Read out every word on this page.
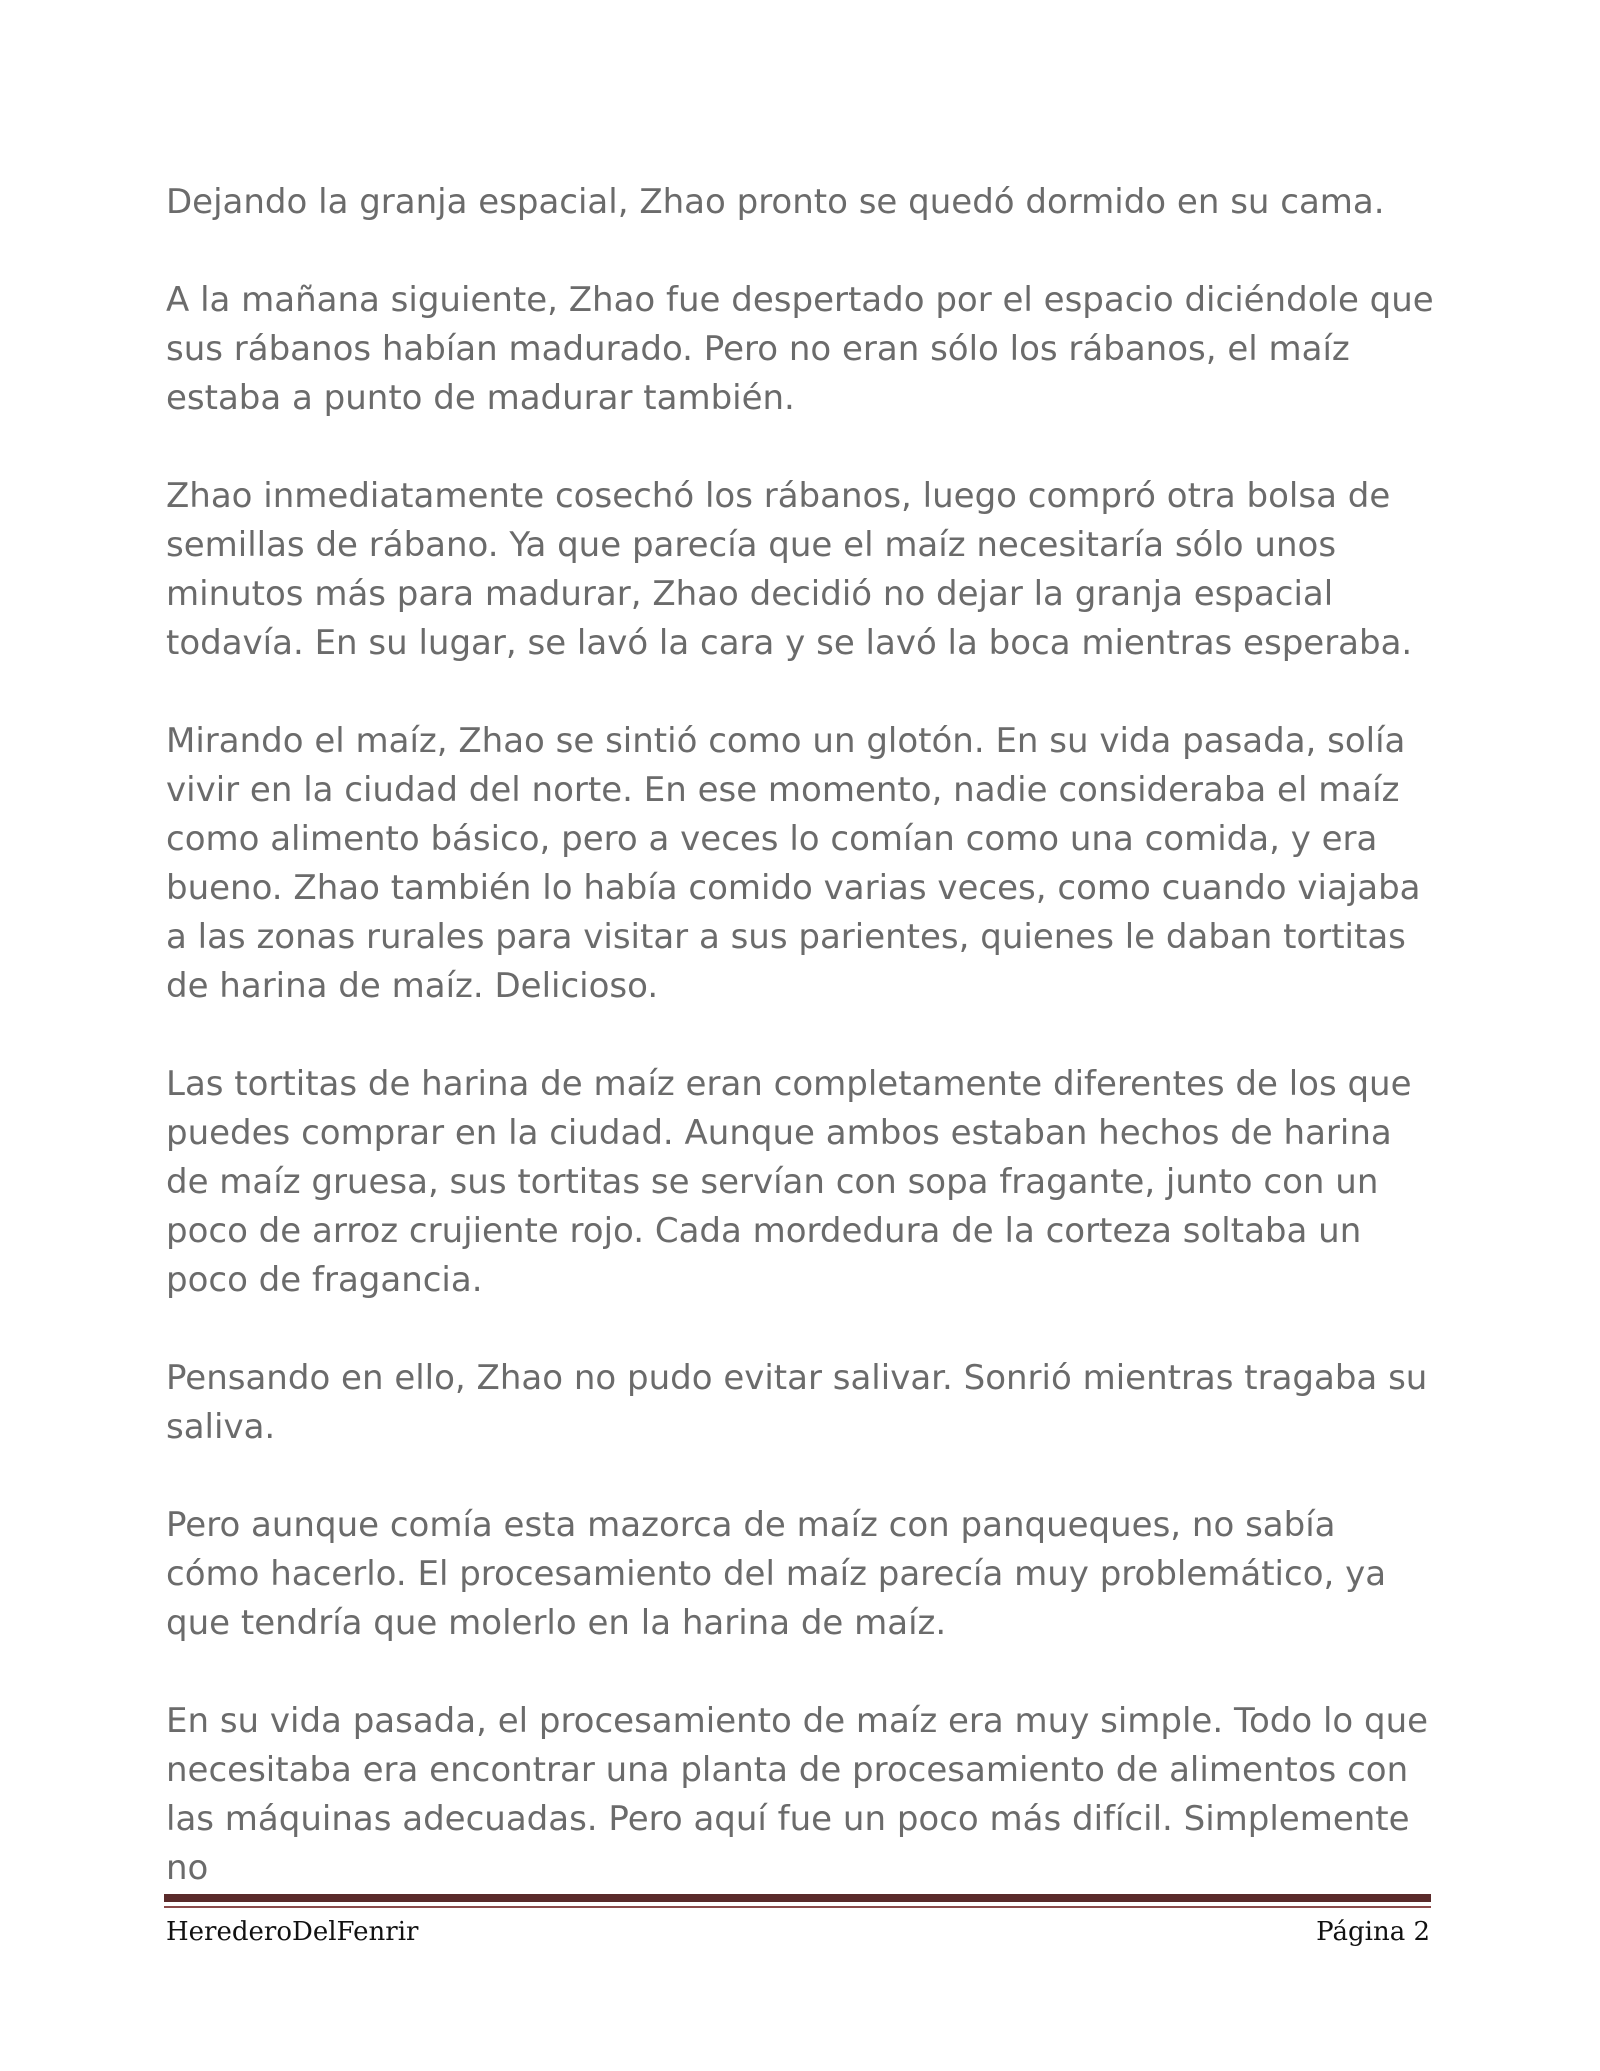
Dejando la granja espacial, Zhao pronto se quedó dormido en su cama.

A la mañana siguiente, Zhao fue despertado por el espacio diciéndole que sus rábanos habían madurado. Pero no eran sólo los rábanos, el maíz estaba a punto de madurar también.

Zhao inmediatamente cosechó los rábanos, luego compró otra bolsa de semillas de rábano. Ya que parecía que el maíz necesitaría sólo unos minutos más para madurar, Zhao decidió no dejar la granja espacial todavía. En su lugar, se lavó la cara y se lavó la boca mientras esperaba.

Mirando el maíz, Zhao se sintió como un glotón. En su vida pasada, solía vivir en la ciudad del norte. En ese momento, nadie consideraba el maíz como alimento básico, pero a veces lo comían como una comida, y era bueno. Zhao también lo había comido varias veces, como cuando viajaba a las zonas rurales para visitar a sus parientes, quienes le daban tortitas de harina de maíz. Delicioso.

Las tortitas de harina de maíz eran completamente diferentes de los que puedes comprar en la ciudad. Aunque ambos estaban hechos de harina de maíz gruesa, sus tortitas se servían con sopa fragante, junto con un poco de arroz crujiente rojo. Cada mordedura de la corteza soltaba un poco de fragancia.

Pensando en ello, Zhao no pudo evitar salivar. Sonrió mientras tragaba su saliva.

Pero aunque comía esta mazorca de maíz con panqueques, no sabía cómo hacerlo. El procesamiento del maíz parecía muy problemático, ya que tendría que molerlo en la harina de maíz.

En su vida pasada, el procesamiento de maíz era muy simple. Todo lo que necesitaba era encontrar una planta de procesamiento de alimentos con las máquinas adecuadas. Pero aquí fue un poco más difícil. Simplemente no

HerederoDelFenrir	Página 2
